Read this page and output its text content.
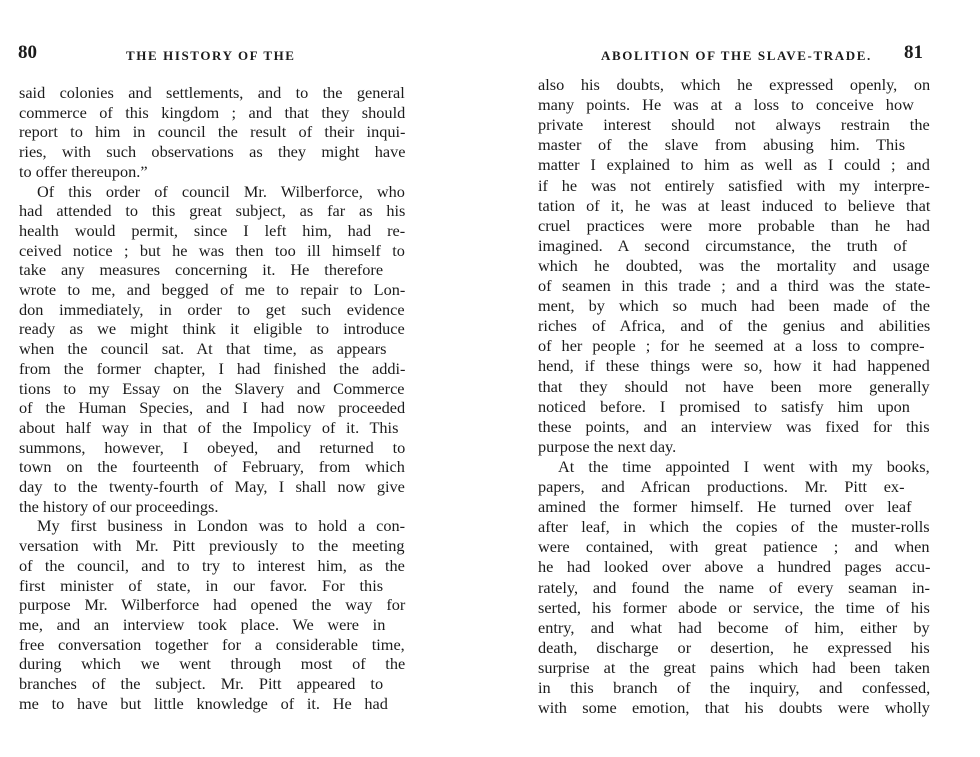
80	THE HISTORY OF THE
said colonies and settlements, and to the general
commerce of this kingdom ; and that they should
report to him in council the result of their inqui-
ries, with such observations as they might have
to offer thereupon.”
Of this order of council Mr. Wilberforce, who
had attended to this great subject, as far as his
health would permit, since I left him, had re-
ceived notice ; but he was then too ill himself to
take any measures concerning it. He therefore
wrote to me, and begged of me to repair to Lon-
don immediately, in order to get such evidence
ready as we might think it eligible to introduce
when the council sat. At that time, as appears
from the former chapter, I had finished the addi-
tions to my Essay on the Slavery and Commerce
of the Human Species, and I had now proceeded
about half way in that of the Impolicy of it. This
summons, however, I obeyed, and returned to
town on the fourteenth of February, from which
day to the twenty-fourth of May, I shall now give
the history of our proceedings.
My first business in London was to hold a con-
versation with Mr. Pitt previously to the meeting
of the council, and to try to interest him, as the
first minister of state, in our favor. For this
purpose Mr. Wilberforce had opened the way for
me, and an interview took place. We were in
free conversation together for a considerable time,
during which we went through most of the
branches of the subject. Mr. Pitt appeared to
me to have but little knowledge of it. He had
ABOLITION OF THE SLAVE-TRADE. 81
also his doubts, which he expressed openly, on
many points. He was at a loss to conceive how
private interest should not always restrain the
master of the slave from abusing him. This
matter I explained to him as well as I could ; and
if he was not entirely satisfied with my interpre-
tation of it, he was at least induced to believe that
cruel practices were more probable than he had
imagined. A second circumstance, the truth of
which he doubted, was the mortality and usage
of seamen in this trade ; and a third was the state-
ment, by which so much had been made of the
riches of Africa, and of the genius and abilities
of her people ; for he seemed at a loss to compre-
hend, if these things were so, how it had happened
that they should not have been more generally
noticed before. I promised to satisfy him upon
these points, and an interview was fixed for this
purpose the next day.
At the time appointed I went with my books,
papers, and African productions. Mr. Pitt ex-
amined the former himself. He turned over leaf
after leaf, in which the copies of the muster-rolls
were contained, with great patience ; and when
he had looked over above a hundred pages accu-
rately, and found the name of every seaman in-
serted, his former abode or service, the time of his
entry, and what had become of him, either by
death, discharge or desertion, he expressed his
surprise at the great pains which had been taken
in this branch of the inquiry, and confessed,
with some emotion, that his doubts were wholly
